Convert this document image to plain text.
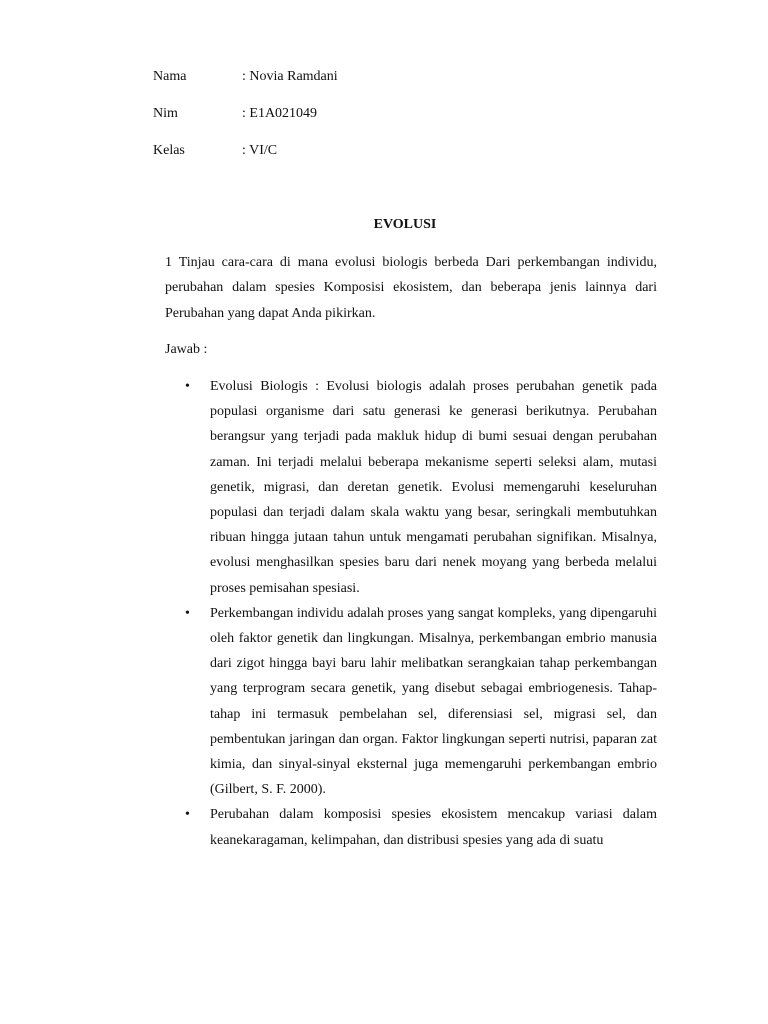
Nama	: Novia Ramdani
Nim	: E1A021049
Kelas	: VI/C
EVOLUSI
1 Tinjau cara-cara di mana evolusi biologis berbeda Dari perkembangan individu, perubahan dalam spesies Komposisi ekosistem, dan beberapa jenis lainnya dari Perubahan yang dapat Anda pikirkan.
Jawab :
• Evolusi Biologis : Evolusi biologis adalah proses perubahan genetik pada populasi organisme dari satu generasi ke generasi berikutnya. Perubahan berangsur yang terjadi pada makluk hidup di bumi sesuai dengan perubahan zaman. Ini terjadi melalui beberapa mekanisme seperti seleksi alam, mutasi genetik, migrasi, dan deretan genetik. Evolusi memengaruhi keseluruhan populasi dan terjadi dalam skala waktu yang besar, seringkali membutuhkan ribuan hingga jutaan tahun untuk mengamati perubahan signifikan. Misalnya, evolusi menghasilkan spesies baru dari nenek moyang yang berbeda melalui proses pemisahan spesiasi.
• Perkembangan individu adalah proses yang sangat kompleks, yang dipengaruhi oleh faktor genetik dan lingkungan. Misalnya, perkembangan embrio manusia dari zigot hingga bayi baru lahir melibatkan serangkaian tahap perkembangan yang terprogram secara genetik, yang disebut sebagai embriogenesis. Tahap-tahap ini termasuk pembelahan sel, diferensiasi sel, migrasi sel, dan pembentukan jaringan dan organ. Faktor lingkungan seperti nutrisi, paparan zat kimia, dan sinyal-sinyal eksternal juga memengaruhi perkembangan embrio (Gilbert, S. F. 2000).
• Perubahan dalam komposisi spesies ekosistem mencakup variasi dalam keanekaragaman, kelimpahan, dan distribusi spesies yang ada di suatu
